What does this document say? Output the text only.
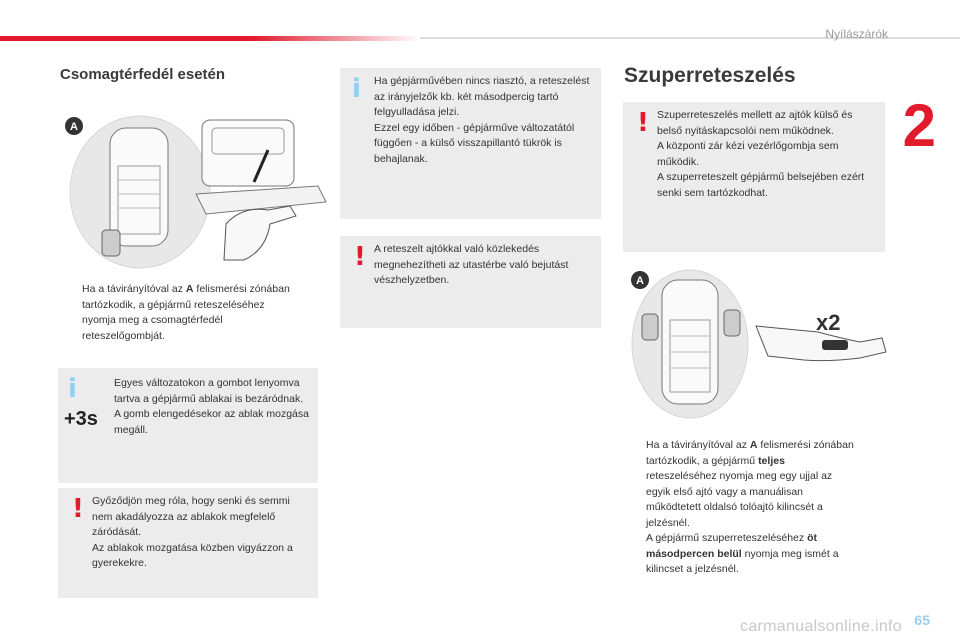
Nyílászárók
2
Csomagtérfedél esetén
A
Ha a távirányítóval az A felismerési zónában tartózkodik, a gépjármű reteszeléséhez nyomja meg a csomagtérfedél reteszelőgombját.
i
+3s

Egyes változatokon a gombot lenyomva tartva a gépjármű ablakai is bezáródnak. A gomb elengedésekor az ablak mozgása megáll.

! Győződjön meg róla, hogy senki és semmi nem akadályozza az ablakok megfelelő záródását.
Az ablakok mozgatása közben vigyázzon a gyerekekre.

i Ha gépjárművében nincs riasztó, a reteszelést az irányjelzők kb. két másodpercig tartó felgyulladása jelzi.
Ezzel egy időben - gépjárműve változatától függően - a külső visszapillantó tükrök is behajlanak.

! A reteszelt ajtókkal való közlekedés megnehezítheti az utastérbe való bejutást vészhelyzetben.

Szuperreteszelés
! Szuperreteszelés mellett az ajtók külső és belső nyitáskapcsolói nem működnek.
A központi zár kézi vezérlőgombja sem működik.
A szuperreteszelt gépjármű belsejében ezért senki sem tartózkodhat.

A
x2
Ha a távirányítóval az A felismerési zónában tartózkodik, a gépjármű teljes reteszeléséhez nyomja meg egy ujjal az egyik első ajtó vagy a manuálisan működtetett oldalsó tolóajtó kilincsét a jelzésnél.
A gépjármű szuperreteszeléséhez öt másodpercen belül nyomja meg ismét a kilincset a jelzésnél.
65
carmanualsonline.info
